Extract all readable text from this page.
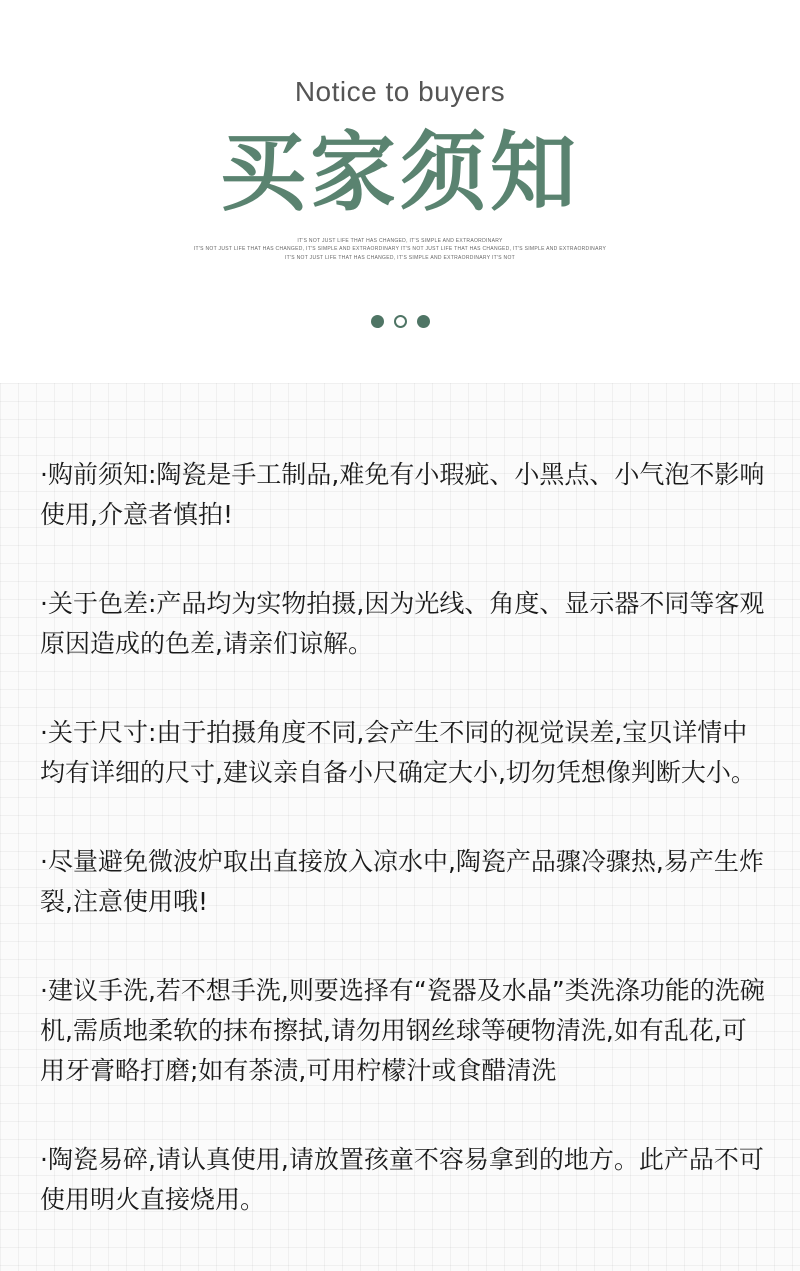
Notice to buyers
买家须知
IT'S NOT JUST LIFE THAT HAS CHANGED, IT'S SIMPLE AND EXTRAORDINARY
IT'S NOT JUST LIFE THAT HAS CHANGED, IT'S SIMPLE AND EXTRAORDINARY IT'S NOT JUST LIFE THAT HAS CHANGED, IT'S SIMPLE AND EXTRAORDINARY
IT'S NOT JUST LIFE THAT HAS CHANGED, IT'S SIMPLE AND EXTRAORDINARY IT'S NOT
·购前须知:陶瓷是手工制品,难免有小瑕疵、小黑点、小气泡不影响使用,介意者慎拍!
·关于色差:产品均为实物拍摄,因为光线、角度、显示器不同等客观原因造成的色差,请亲们谅解。
·关于尺寸:由于拍摄角度不同,会产生不同的视觉误差,宝贝详情中均有详细的尺寸,建议亲自备小尺确定大小,切勿凭想像判断大小。
·尽量避免微波炉取出直接放入凉水中,陶瓷产品骤冷骤热,易产生炸裂,注意使用哦!
·建议手洗,若不想手洗,则要选择有“瓷器及水晶”类洗涤功能的洗碗机,需质地柔软的抹布擦拭,请勿用钢丝球等硬物清洗,如有乱花,可用牙膏略打磨;如有茶渍,可用柠檬汁或食醋清洗
·陶瓷易碎,请认真使用,请放置孩童不容易拿到的地方。此产品不可使用明火直接烧用。
